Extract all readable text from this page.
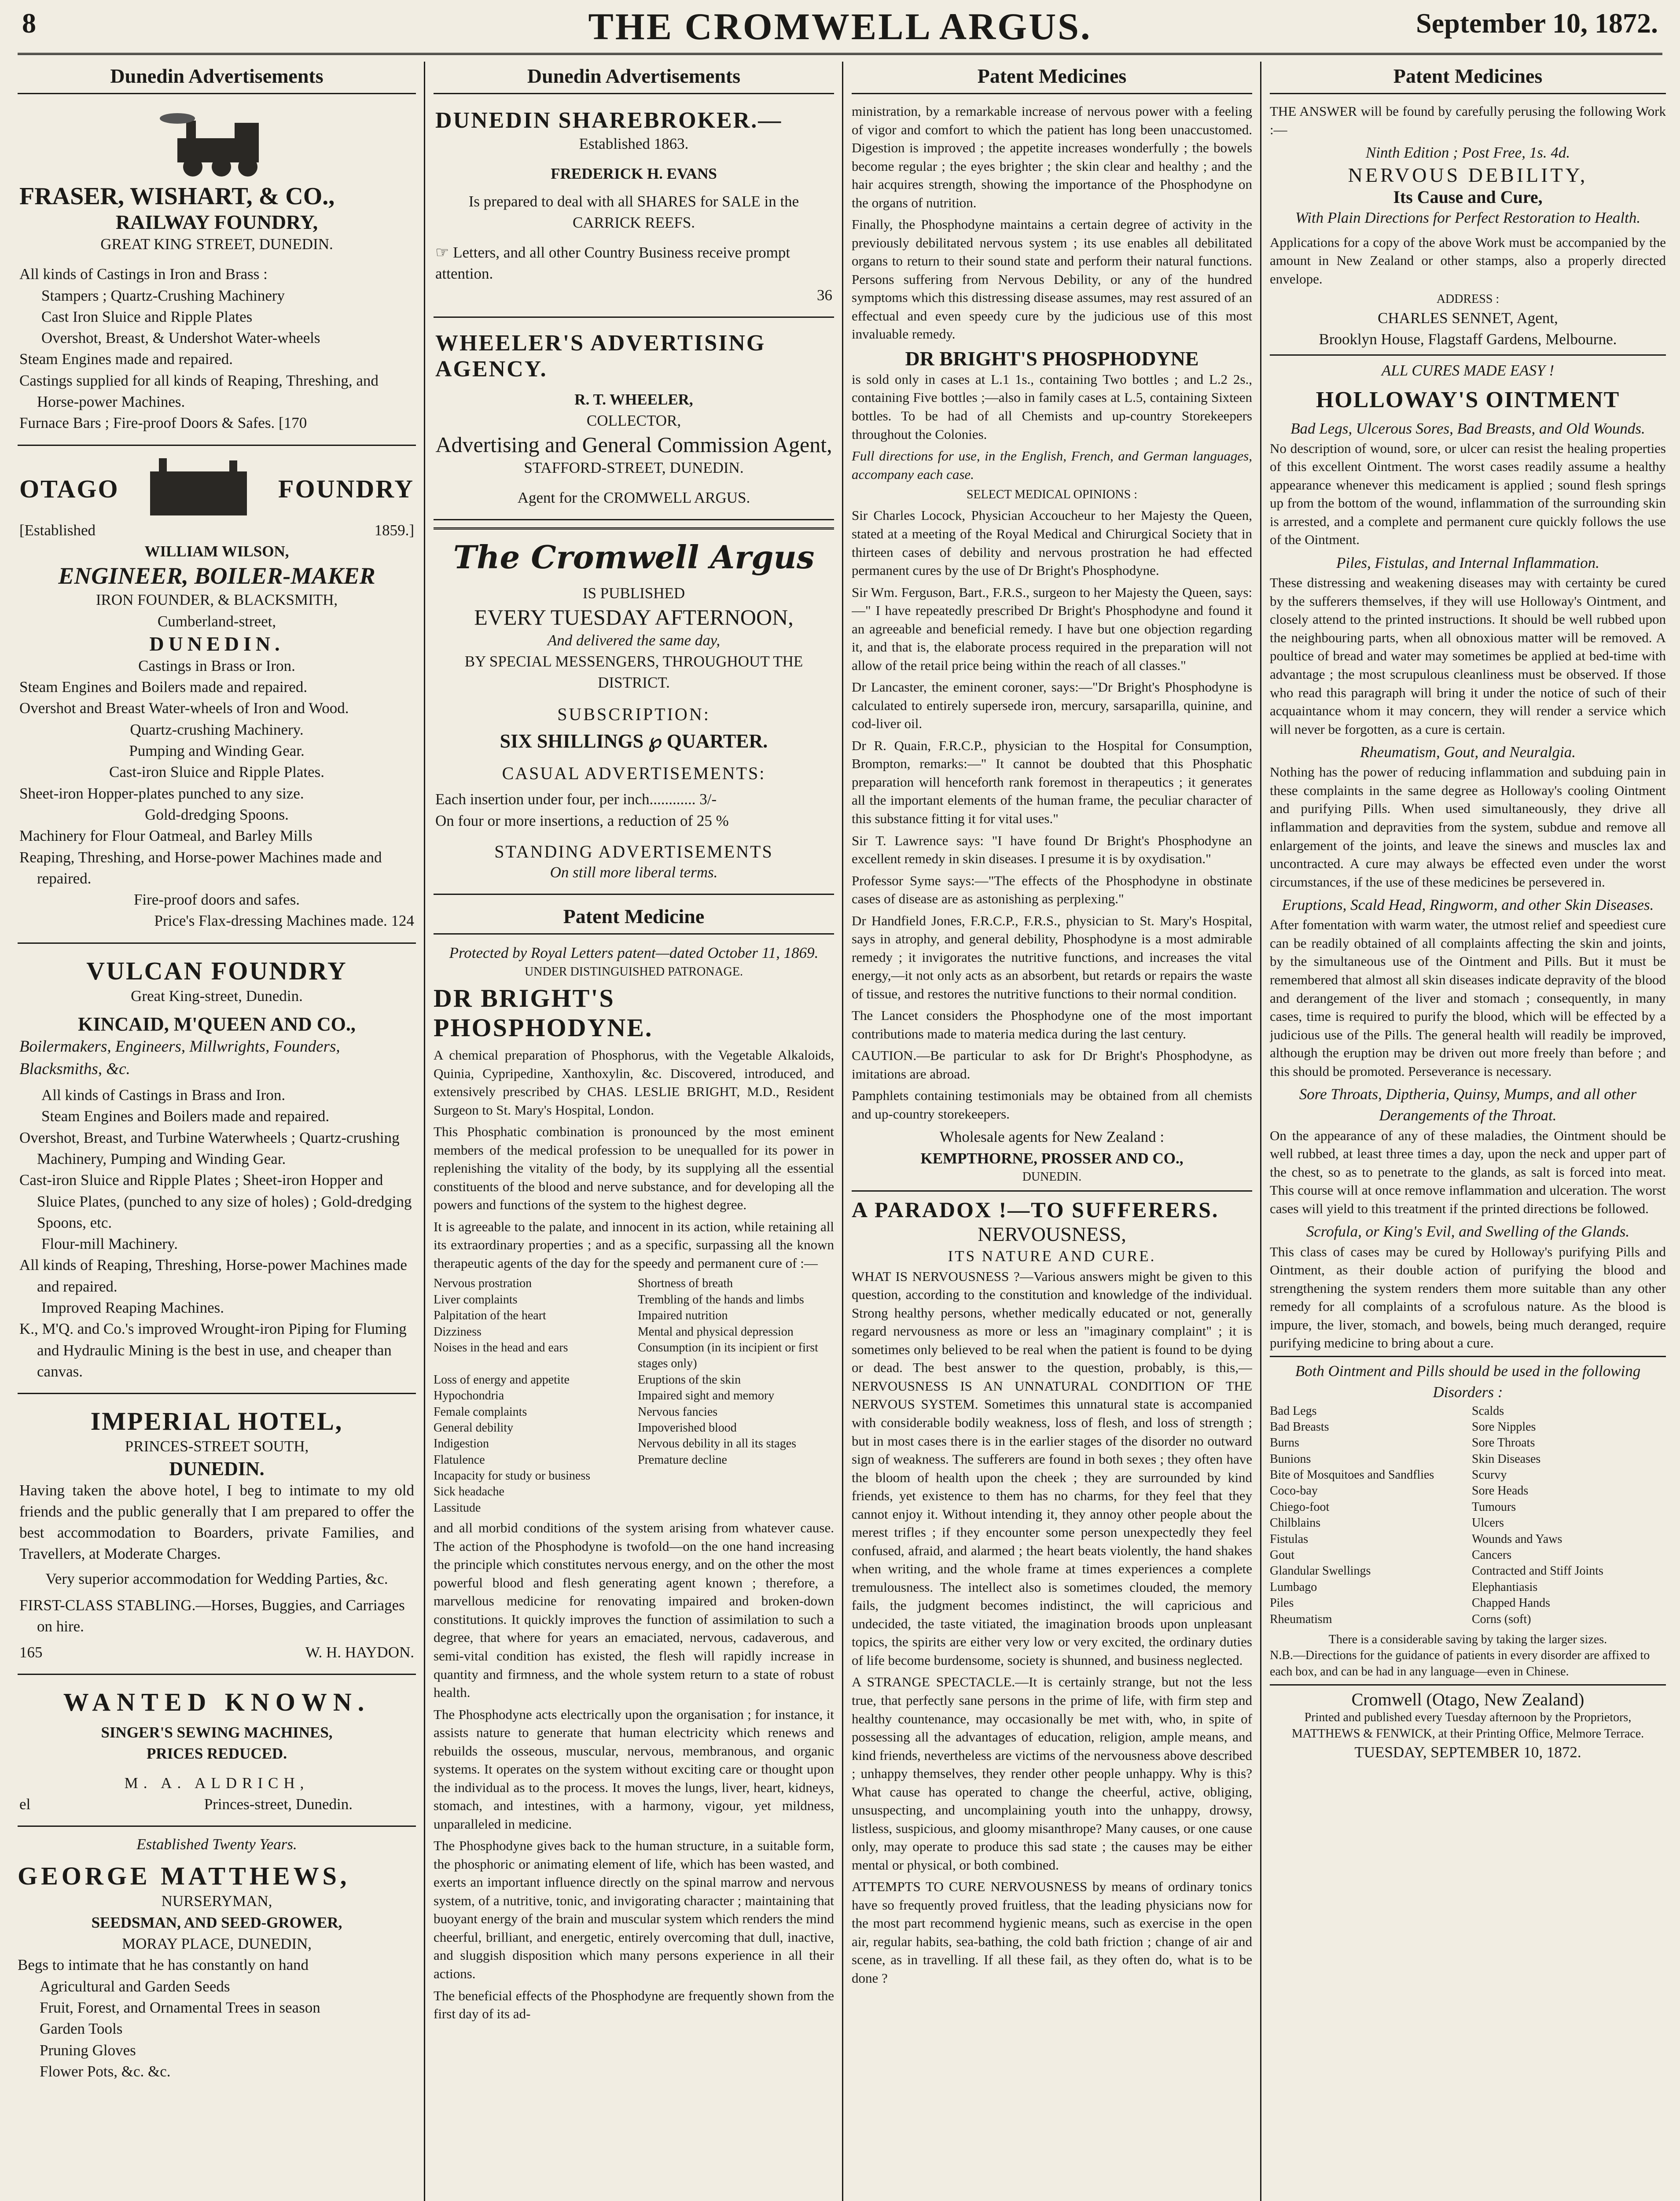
8	THE CROMWELL ARGUS.	September 10, 1872.
Dunedin Advertisements
FRASER, WISHART, & CO.,
RAILWAY FOUNDRY,
GREAT KING STREET, DUNEDIN.
All kinds of Castings in Iron and Brass :
Stampers ; Quartz-Crushing Machinery
Cast Iron Sluice and Ripple Plates
Overshot, Breast, & Undershot Water-wheels
Steam Engines made and repaired.
Castings supplied for all kinds of Reaping, Threshing, and Horse-power Machines.
Furnace Bars ; Fire-proof Doors & Safes. [170
OTAGO	FOUNDRY
[Established	1859.]
WILLIAM WILSON,
ENGINEER, BOILER-MAKER
IRON FOUNDER, & BLACKSMITH,
Cumberland-street,
DUNEDIN.
Castings in Brass or Iron.
Steam Engines and Boilers made and repaired.
Overshot and Breast Water-wheels of Iron and Wood.
Quartz-crushing Machinery.
Pumping and Winding Gear.
Cast-iron Sluice and Ripple Plates.
Sheet-iron Hopper-plates punched to any size.
Gold-dredging Spoons.
Machinery for Flour Oatmeal, and Barley Mills
Reaping, Threshing, and Horse-power Machines made and repaired.
Fire-proof doors and safes.
Price's Flax-dressing Machines made. 124
VULCAN FOUNDRY
Great King-street, Dunedin.
KINCAID, M'QUEEN AND CO.,
Boilermakers, Engineers, Millwrights, Founders, Blacksmiths, &c.
All kinds of Castings in Brass and Iron.
Steam Engines and Boilers made and repaired.
Overshot, Breast, and Turbine Waterwheels ; Quartz-crushing Machinery, Pumping and Winding Gear.
Cast-iron Sluice and Ripple Plates ; Sheet-iron Hopper and Sluice Plates, (punched to any size of holes) ; Gold-dredging Spoons, etc.
Flour-mill Machinery.
All kinds of Reaping, Threshing, Horse-power Machines made and repaired.
Improved Reaping Machines.
K., M'Q. and Co.'s improved Wrought-iron Piping for Fluming and Hydraulic Mining is the best in use, and cheaper than canvas.
IMPERIAL HOTEL,
PRINCES-STREET SOUTH,
DUNEDIN.

Having taken the above hotel, I beg to intimate to my old friends and the public generally that I am prepared to offer the best accommodation to Boarders, private Families, and Travellers, at Moderate Charges.

Very superior accommodation for Wedding Parties, &c.
FIRST-CLASS STABLING.—Horses, Buggies, and Carriages on hire.
165	W. H. HAYDON.
WANTED KNOWN.
SINGER'S SEWING MACHINES,
PRICES REDUCED.
M. A. ALDRICH,
el	Princes-street, Dunedin.
Established Twenty Years.
GEORGE MATTHEWS,
NURSERYMAN,
SEEDSMAN, AND SEED-GROWER,
MORAY PLACE, DUNEDIN,
Begs to intimate that he has constantly on hand
Agricultural and Garden Seeds
Fruit, Forest, and Ornamental Trees in season
Garden Tools
Pruning Gloves
Flower Pots, &c. &c.
Dunedin Advertisements
DUNEDIN SHAREBROKER.—
Established 1863.
FREDERICK H. EVANS
Is prepared to deal with all SHARES for SALE in the CARRICK REEFS.
☞ Letters, and all other Country Business receive prompt attention.
36
WHEELER'S ADVERTISING AGENCY.
R. T. WHEELER,
COLLECTOR,
Advertising and General Commission Agent,
STAFFORD-STREET, DUNEDIN.
Agent for the CROMWELL ARGUS.
The Cromwell Argus
IS PUBLISHED
EVERY TUESDAY AFTERNOON,
And delivered the same day,
BY SPECIAL MESSENGERS, THROUGHOUT THE DISTRICT.
SUBSCRIPTION:
SIX SHILLINGS ℘ QUARTER.
CASUAL ADVERTISEMENTS:
Each insertion under four, per inch............ 3/-
On four or more insertions, a reduction of 25 %
STANDING ADVERTISEMENTS
On still more liberal terms.
Patent Medicine
Protected by Royal Letters patent—dated October 11, 1869.
UNDER DISTINGUISHED PATRONAGE.
DR BRIGHT'S PHOSPHODYNE.

A chemical preparation of Phosphorus, with the Vegetable Alkaloids, Quinia, Cypripedine, Xanthoxylin, &c. Discovered, introduced, and extensively prescribed by CHAS. LESLIE BRIGHT, M.D., Resident Surgeon to St. Mary's Hospital, London.

This Phosphatic combination is pronounced by the most eminent members of the medical profession to be unequalled for its power in replenishing the vitality of the body, by its supplying all the essential constituents of the blood and nerve substance, and for developing all the powers and functions of the system to the highest degree.

It is agreeable to the palate, and innocent in its action, while retaining all its extraordinary properties ; and as a specific, surpassing all the known therapeutic agents of the day for the speedy and permanent cure of :—

Nervous prostration	Shortness of breath
Liver complaints	Trembling of the hands and limbs
Palpitation of the heart	Impaired nutrition
Dizziness	Mental and physical depression
Noises in the head and ears	Consumption (in its incipient or first stages only)
Loss of energy and appetite	Eruptions of the skin
Hypochondria	Impaired sight and memory
Female complaints	Nervous fancies
General debility	Impoverished blood
Indigestion	Nervous debility in all its stages
Flatulence	Premature decline
Incapacity for study or business
Sick headache
Lassitude

and all morbid conditions of the system arising from whatever cause. The action of the Phosphodyne is twofold—on the one hand increasing the principle which constitutes nervous energy, and on the other the most powerful blood and flesh generating agent known ; therefore, a marvellous medicine for renovating impaired and broken-down constitutions. It quickly improves the function of assimilation to such a degree, that where for years an emaciated, nervous, cadaverous, and semi-vital condition has existed, the flesh will rapidly increase in quantity and firmness, and the whole system return to a state of robust health.

The Phosphodyne acts electrically upon the organisation ; for instance, it assists nature to generate that human electricity which renews and rebuilds the osseous, muscular, nervous, membranous, and organic systems. It operates on the system without exciting care or thought upon the individual as to the process. It moves the lungs, liver, heart, kidneys, stomach, and intestines, with a harmony, vigour, yet mildness, unparalleled in medicine.

The Phosphodyne gives back to the human structure, in a suitable form, the phosphoric or animating element of life, which has been wasted, and exerts an important influence directly on the spinal marrow and nervous system, of a nutritive, tonic, and invigorating character ; maintaining that buoyant energy of the brain and muscular system which renders the mind cheerful, brilliant, and energetic, entirely overcoming that dull, inactive, and sluggish disposition which many persons experience in all their actions.

The beneficial effects of the Phosphodyne are frequently shown from the first day of its ad-

Patent Medicines

ministration, by a remarkable increase of nervous power with a feeling of vigor and comfort to which the patient has long been unaccustomed. Digestion is improved ; the appetite increases wonderfully ; the bowels become regular ; the eyes brighter ; the skin clear and healthy ; and the hair acquires strength, showing the importance of the Phosphodyne on the organs of nutrition.

Finally, the Phosphodyne maintains a certain degree of activity in the previously debilitated nervous system ; its use enables all debilitated organs to return to their sound state and perform their natural functions. Persons suffering from Nervous Debility, or any of the hundred symptoms which this distressing disease assumes, may rest assured of an effectual and even speedy cure by the judicious use of this most invaluable remedy.

DR BRIGHT'S PHOSPHODYNE

is sold only in cases at L.1 1s., containing Two bottles ; and L.2 2s., containing Five bottles ;—also in family cases at L.5, containing Sixteen bottles. To be had of all Chemists and up-country Storekeepers throughout the Colonies.

Full directions for use, in the English, French, and German languages, accompany each case.

SELECT MEDICAL OPINIONS :

Sir Charles Locock, Physician Accoucheur to her Majesty the Queen, stated at a meeting of the Royal Medical and Chirurgical Society that in thirteen cases of debility and nervous prostration he had effected permanent cures by the use of Dr Bright's Phosphodyne.

Sir Wm. Ferguson, Bart., F.R.S., surgeon to her Majesty the Queen, says:—" I have repeatedly prescribed Dr Bright's Phosphodyne and found it an agreeable and beneficial remedy. I have but one objection regarding it, and that is, the elaborate process required in the preparation will not allow of the retail price being within the reach of all classes."

Dr Lancaster, the eminent coroner, says:—"Dr Bright's Phosphodyne is calculated to entirely supersede iron, mercury, sarsaparilla, quinine, and cod-liver oil.

Dr R. Quain, F.R.C.P., physician to the Hospital for Consumption, Brompton, remarks:—" It cannot be doubted that this Phosphatic preparation will henceforth rank foremost in therapeutics ; it generates all the important elements of the human frame, the peculiar character of this substance fitting it for vital uses."

Sir T. Lawrence says: "I have found Dr Bright's Phosphodyne an excellent remedy in skin diseases. I presume it is by oxydisation."

Professor Syme says:—"The effects of the Phosphodyne in obstinate cases of disease are as astonishing as perplexing."

Dr Handfield Jones, F.R.C.P., F.R.S., physician to St. Mary's Hospital, says in atrophy, and general debility, Phosphodyne is a most admirable remedy ; it invigorates the nutritive functions, and increases the vital energy,—it not only acts as an absorbent, but retards or repairs the waste of tissue, and restores the nutritive functions to their normal condition.

The Lancet considers the Phosphodyne one of the most important contributions made to materia medica during the last century.

CAUTION.—Be particular to ask for Dr Bright's Phosphodyne, as imitations are abroad.

Pamphlets containing testimonials may be obtained from all chemists and up-country storekeepers.

Wholesale agents for New Zealand :
KEMPTHORNE, PROSSER AND CO.,
DUNEDIN.
A PARADOX !—TO SUFFERERS.
NERVOUSNESS,
ITS NATURE AND CURE.

WHAT IS NERVOUSNESS ?—Various answers might be given to this question, according to the constitution and knowledge of the individual. Strong healthy persons, whether medically educated or not, generally regard nervousness as more or less an "imaginary complaint" ; it is sometimes only believed to be real when the patient is found to be dying or dead. The best answer to the question, probably, is this,—NERVOUSNESS IS AN UNNATURAL CONDITION OF THE NERVOUS SYSTEM. Sometimes this unnatural state is accompanied with considerable bodily weakness, loss of flesh, and loss of strength ; but in most cases there is in the earlier stages of the disorder no outward sign of weakness. The sufferers are found in both sexes ; they often have the bloom of health upon the cheek ; they are surrounded by kind friends, yet existence to them has no charms, for they feel that they cannot enjoy it. Without intending it, they annoy other people about the merest trifles ; if they encounter some person unexpectedly they feel confused, afraid, and alarmed ; the heart beats violently, the hand shakes when writing, and the whole frame at times experiences a complete tremulousness. The intellect also is sometimes clouded, the memory fails, the judgment becomes indistinct, the will capricious and undecided, the taste vitiated, the imagination broods upon unpleasant topics, the spirits are either very low or very excited, the ordinary duties of life become burdensome, society is shunned, and business neglected.

A STRANGE SPECTACLE.—It is certainly strange, but not the less true, that perfectly sane persons in the prime of life, with firm step and healthy countenance, may occasionally be met with, who, in spite of possessing all the advantages of education, religion, ample means, and kind friends, nevertheless are victims of the nervousness above described ; unhappy themselves, they render other people unhappy. Why is this? What cause has operated to change the cheerful, active, obliging, unsuspecting, and uncomplaining youth into the unhappy, drowsy, listless, suspicious, and gloomy misanthrope? Many causes, or one cause only, may operate to produce this sad state ; the causes may be either mental or physical, or both combined.

ATTEMPTS TO CURE NERVOUSNESS by means of ordinary tonics have so frequently proved fruitless, that the leading physicians now for the most part recommend hygienic means, such as exercise in the open air, regular habits, sea-bathing, the cold bath friction ; change of air and scene, as in travelling. If all these fail, as they often do, what is to be done ?

Patent Medicines

THE ANSWER will be found by carefully perusing the following Work :—

Ninth Edition ; Post Free, 1s. 4d.
NERVOUS DEBILITY,
Its Cause and Cure,
With Plain Directions for Perfect Restoration to Health.

Applications for a copy of the above Work must be accompanied by the amount in New Zealand or other stamps, also a properly directed envelope.

ADDRESS :
CHARLES SENNET, Agent,
Brooklyn House, Flagstaff Gardens, Melbourne.
ALL CURES MADE EASY !
HOLLOWAY'S OINTMENT
Bad Legs, Ulcerous Sores, Bad Breasts, and Old Wounds.

No description of wound, sore, or ulcer can resist the healing properties of this excellent Ointment. The worst cases readily assume a healthy appearance whenever this medicament is applied ; sound flesh springs up from the bottom of the wound, inflammation of the surrounding skin is arrested, and a complete and permanent cure quickly follows the use of the Ointment.

Piles, Fistulas, and Internal Inflammation.

These distressing and weakening diseases may with certainty be cured by the sufferers themselves, if they will use Holloway's Ointment, and closely attend to the printed instructions. It should be well rubbed upon the neighbouring parts, when all obnoxious matter will be removed. A poultice of bread and water may sometimes be applied at bed-time with advantage ; the most scrupulous cleanliness must be observed. If those who read this paragraph will bring it under the notice of such of their acquaintance whom it may concern, they will render a service which will never be forgotten, as a cure is certain.

Rheumatism, Gout, and Neuralgia.

Nothing has the power of reducing inflammation and subduing pain in these complaints in the same degree as Holloway's cooling Ointment and purifying Pills. When used simultaneously, they drive all inflammation and depravities from the system, subdue and remove all enlargement of the joints, and leave the sinews and muscles lax and uncontracted. A cure may always be effected even under the worst circumstances, if the use of these medicines be persevered in.

Eruptions, Scald Head, Ringworm, and other Skin Diseases.

After fomentation with warm water, the utmost relief and speediest cure can be readily obtained of all complaints affecting the skin and joints, by the simultaneous use of the Ointment and Pills. But it must be remembered that almost all skin diseases indicate depravity of the blood and derangement of the liver and stomach ; consequently, in many cases, time is required to purify the blood, which will be effected by a judicious use of the Pills. The general health will readily be improved, although the eruption may be driven out more freely than before ; and this should be promoted. Perseverance is necessary.

Sore Throats, Diptheria, Quinsy, Mumps, and all other Derangements of the Throat.

On the appearance of any of these maladies, the Ointment should be well rubbed, at least three times a day, upon the neck and upper part of the chest, so as to penetrate to the glands, as salt is forced into meat. This course will at once remove inflammation and ulceration. The worst cases will yield to this treatment if the printed directions be followed.

Scrofula, or King's Evil, and Swelling of the Glands.

This class of cases may be cured by Holloway's purifying Pills and Ointment, as their double action of purifying the blood and strengthening the system renders them more suitable than any other remedy for all complaints of a scrofulous nature. As the blood is impure, the liver, stomach, and bowels, being much deranged, require purifying medicine to bring about a cure.

Both Ointment and Pills should be used in the following Disorders :
Bad Legs	Scalds
Bad Breasts	Sore Nipples
Burns	Sore Throats
Bunions	Skin Diseases
Bite of Mosquitoes and Sandflies	Scurvy
Coco-bay	Sore Heads
Chiego-foot	Tumours
Chilblains	Ulcers
Fistulas	Wounds and Yaws
Gout	Cancers
Glandular Swellings	Contracted and Stiff Joints
Lumbago	Elephantiasis
Piles	Chapped Hands
Rheumatism	Corns (soft)
There is a considerable saving by taking the larger sizes.

N.B.—Directions for the guidance of patients in every disorder are affixed to each box, and can be had in any language—even in Chinese.

Cromwell (Otago, New Zealand)
Printed and published every Tuesday afternoon by the Proprietors, MATTHEWS & FENWICK, at their Printing Office, Melmore Terrace.
TUESDAY, SEPTEMBER 10, 1872.
